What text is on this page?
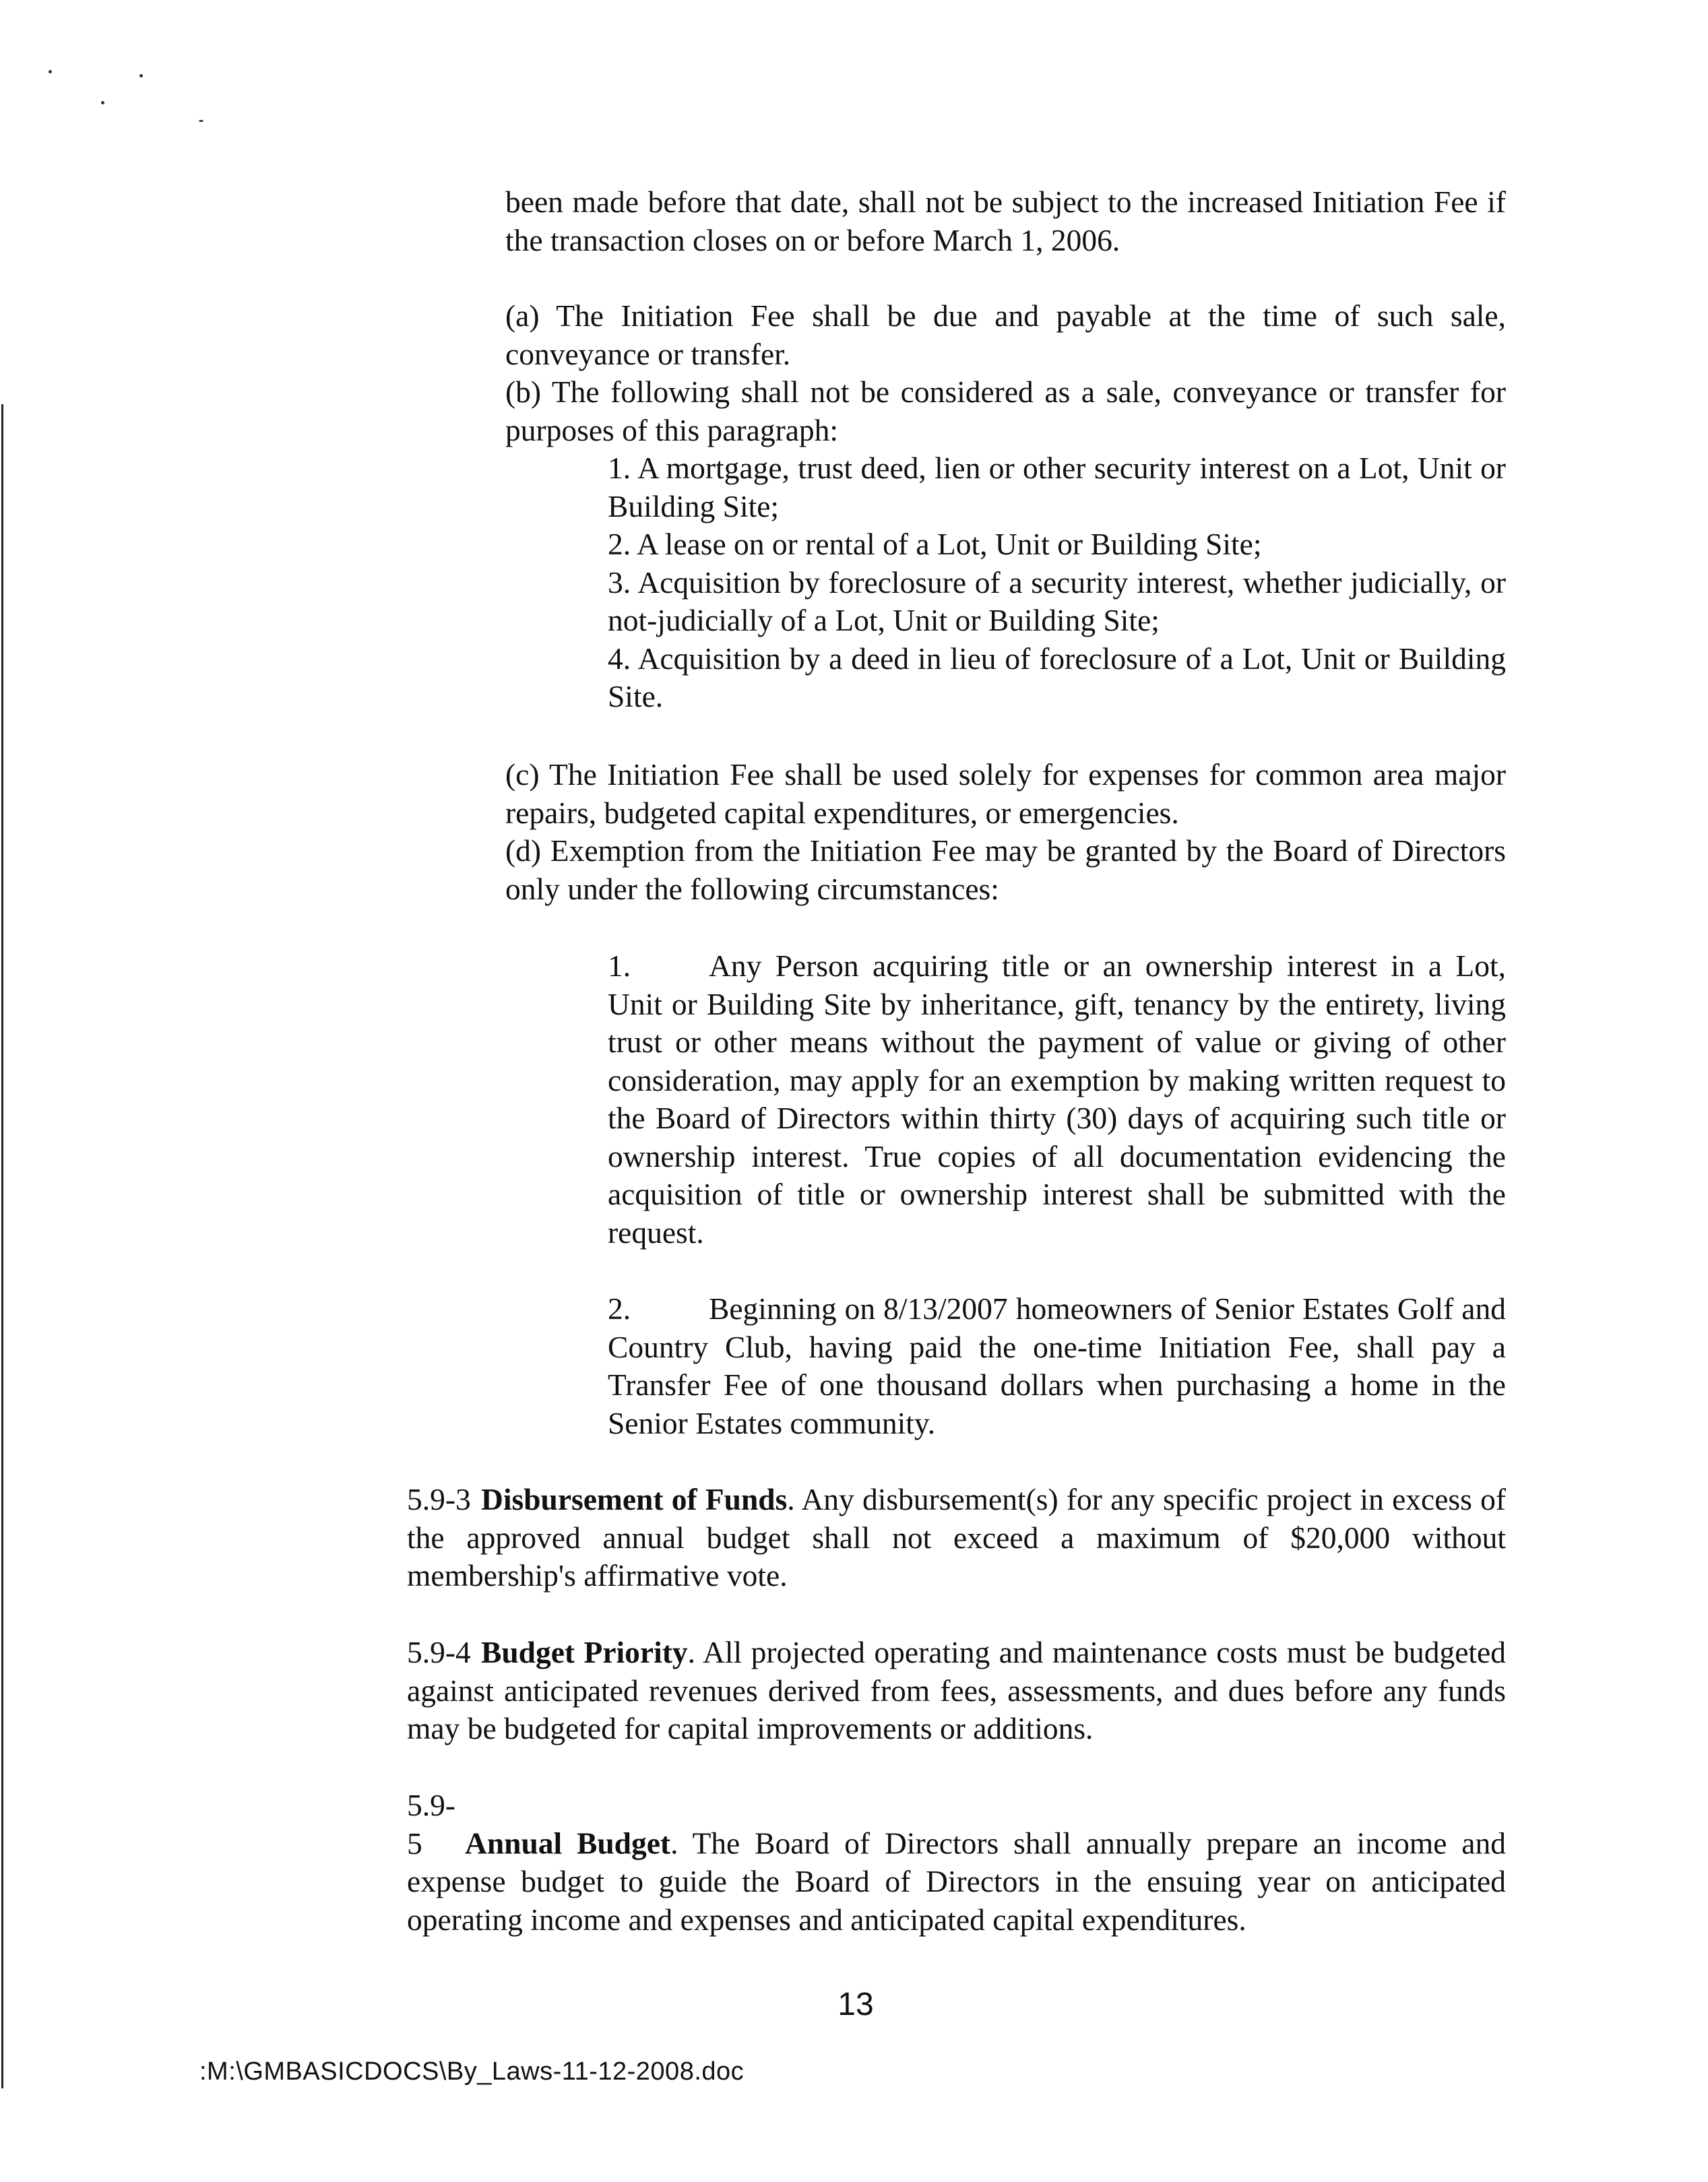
been made before that date, shall not be subject to the increased Initiation Fee if the transaction closes on or before March 1, 2006.

(a) The Initiation Fee shall be due and payable at the time of such sale, conveyance or transfer.

(b) The following shall not be considered as a sale, conveyance or transfer for purposes of this paragraph:

1. A mortgage, trust deed, lien or other security interest on a Lot, Unit or Building Site;

2. A lease on or rental of a Lot, Unit or Building Site;

3. Acquisition by foreclosure of a security interest, whether judicially, or not-judicially of a Lot, Unit or Building Site;

4. Acquisition by a deed in lieu of foreclosure of a Lot, Unit or Building Site.

(c) The Initiation Fee shall be used solely for expenses for common area major repairs, budgeted capital expenditures, or emergencies.

(d) Exemption from the Initiation Fee may be granted by the Board of Directors only under the following circumstances:

1.	Any Person acquiring title or an ownership interest in a Lot, Unit or Building Site by inheritance, gift, tenancy by the entirety, living trust or other means without the payment of value or giving of other consideration, may apply for an exemption by making written request to the Board of Directors within thirty (30) days of acquiring such title or ownership interest. True copies of all documentation evidencing the acquisition of title or ownership interest shall be submitted with the request.

2.	Beginning on 8/13/2007 homeowners of Senior Estates Golf and Country Club, having paid the one-time Initiation Fee, shall pay a Transfer Fee of one thousand dollars when purchasing a home in the Senior Estates community.

5.9-3 Disbursement of Funds. Any disbursement(s) for any specific project in excess of the approved annual budget shall not exceed a maximum of $20,000 without membership's affirmative vote.

5.9-4 Budget Priority. All projected operating and maintenance costs must be budgeted against anticipated revenues derived from fees, assessments, and dues before any funds may be budgeted for capital improvements or additions.

5.9-5 Annual Budget. The Board of Directors shall annually prepare an income and expense budget to guide the Board of Directors in the ensuing year on anticipated operating income and expenses and anticipated capital expenditures.

13
:M:\GMBASICDOCS\By_Laws-11-12-2008.doc
